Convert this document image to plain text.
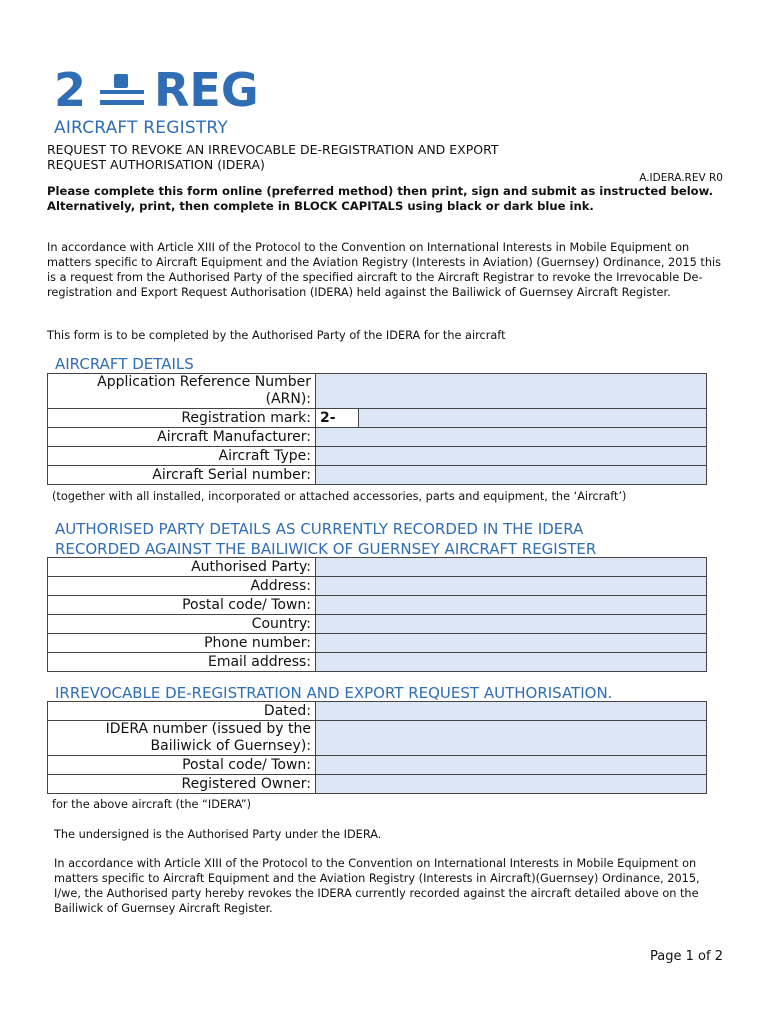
2 REG
AIRCRAFT REGISTRY
REQUEST TO REVOKE AN IRREVOCABLE DE-REGISTRATION AND EXPORT
REQUEST AUTHORISATION (IDERA)
A.IDERA.REV R0
Please complete this form online (preferred method) then print, sign and submit as instructed below. Alternatively, print, then complete in BLOCK CAPITALS using black or dark blue ink.
In accordance with Article XIII of the Protocol to the Convention on International Interests in Mobile Equipment on matters specific to Aircraft Equipment and the Aviation Registry (Interests in Aviation) (Guernsey) Ordinance, 2015 this is a request from the Authorised Party of the specified aircraft to the Aircraft Registrar to revoke the Irrevocable De-registration and Export Request Authorisation (IDERA) held against the Bailiwick of Guernsey Aircraft Register.
This form is to be completed by the Authorised Party of the IDERA for the aircraft
AIRCRAFT DETAILS
Application Reference Number
(ARN):		

Registration mark:	2-	
Aircraft Manufacturer:		
Aircraft Type:		
Aircraft Serial number:		
(together with all installed, incorporated or attached accessories, parts and equipment, the ‘Aircraft’)
AUTHORISED PARTY DETAILS AS CURRENTLY RECORDED IN THE IDERA
RECORDED AGAINST THE BAILIWICK OF GUERNSEY AIRCRAFT REGISTER
Authorised Party:	
Address:	
Postal code/ Town:	
Country:	
Phone number:	
Email address:	
IRREVOCABLE DE-REGISTRATION AND EXPORT REQUEST AUTHORISATION.
Dated:	

IDERA number (issued by the
Bailiwick of Guernsey):	

Postal code/ Town:	
Registered Owner:	
for the above aircraft (the “IDERA”)
The undersigned is the Authorised Party under the IDERA.
In accordance with Article XIII of the Protocol to the Convention on International Interests in Mobile Equipment on matters specific to Aircraft Equipment and the Aviation Registry (Interests in Aircraft)(Guernsey) Ordinance, 2015, I/we, the Authorised party hereby revokes the IDERA currently recorded against the aircraft detailed above on the Bailiwick of Guernsey Aircraft Register.
Page 1 of 2
